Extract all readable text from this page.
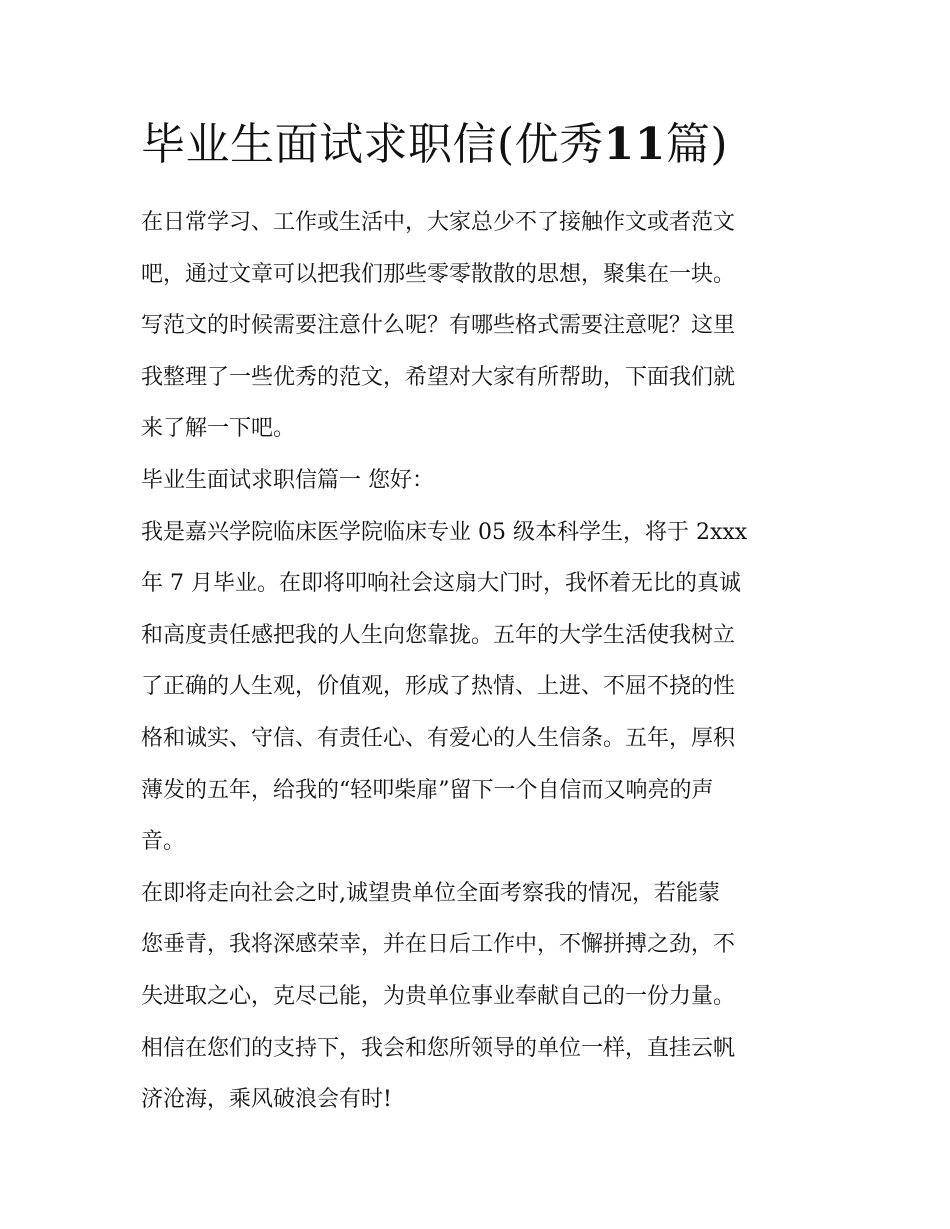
毕业生面试求职信(优秀11篇)
在日常学习、工作或生活中，大家总少不了接触作文或者范文
吧，通过文章可以把我们那些零零散散的思想，聚集在一块。
写范文的时候需要注意什么呢？有哪些格式需要注意呢？这里
我整理了一些优秀的范文，希望对大家有所帮助，下面我们就
来了解一下吧。
毕业生面试求职信篇一 您好：
我是嘉兴学院临床医学院临床专业 05 级本科学生，将于 2xxx
年 7 月毕业。在即将叩响社会这扇大门时，我怀着无比的真诚
和高度责任感把我的人生向您靠拢。五年的大学生活使我树立
了正确的人生观，价值观，形成了热情、上进、不屈不挠的性
格和诚实、守信、有责任心、有爱心的人生信条。五年，厚积
薄发的五年，给我的“轻叩柴扉”留下一个自信而又响亮的声
音。
在即将走向社会之时,诚望贵单位全面考察我的情况，若能蒙
您垂青，我将深感荣幸，并在日后工作中，不懈拼搏之劲，不
失进取之心，克尽己能，为贵单位事业奉献自己的一份力量。
相信在您们的支持下，我会和您所领导的单位一样，直挂云帆
济沧海，乘风破浪会有时!
